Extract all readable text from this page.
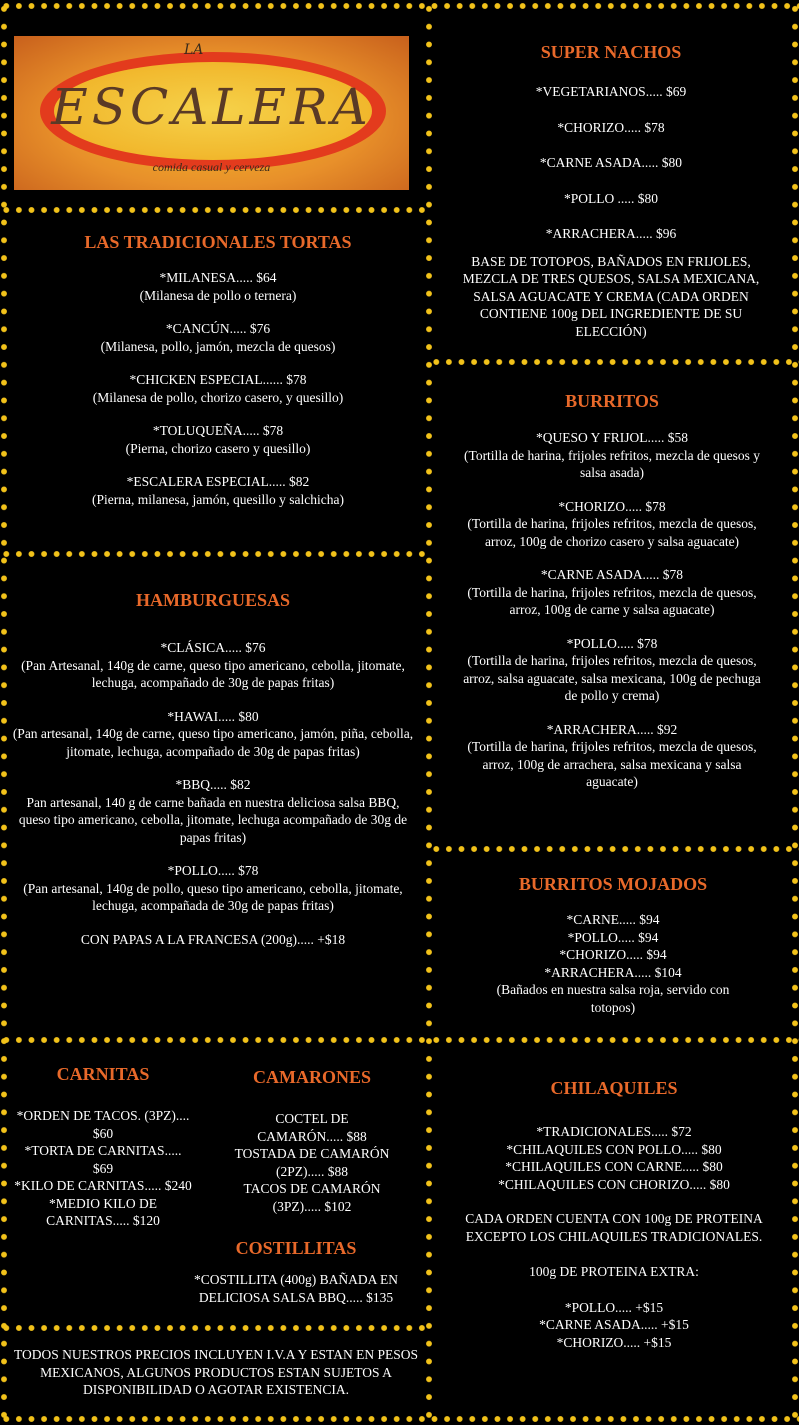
LA
ESCALERA
comida casual y cerveza
LAS TRADICIONALES TORTAS
*MILANESA..... $64
(Milanesa de pollo o ternera)
*CANCÚN..... $76
(Milanesa, pollo, jamón, mezcla de quesos)
*CHICKEN ESPECIAL...... $78
(Milanesa de pollo, chorizo casero, y quesillo)
*TOLUQUEÑA..... $78
(Pierna, chorizo casero y quesillo)
*ESCALERA ESPECIAL..... $82
(Pierna, milanesa, jamón, quesillo y salchicha)
HAMBURGUESAS
*CLÁSICA..... $76
(Pan Artesanal, 140g de carne, queso tipo americano, cebolla, jitomate, lechuga, acompañado de 30g de papas fritas)
*HAWAI..... $80
(Pan artesanal, 140g de carne, queso tipo americano, jamón, piña, cebolla, jitomate, lechuga, acompañado de 30g de papas fritas)
*BBQ..... $82
Pan artesanal, 140 g de carne bañada en nuestra deliciosa salsa BBQ, queso tipo americano, cebolla, jitomate, lechuga acompañado de 30g de papas fritas)
*POLLO..... $78
(Pan artesanal, 140g de pollo, queso tipo americano, cebolla, jitomate, lechuga, acompañada de 30g de papas fritas)
CON PAPAS A LA FRANCESA (200g)..... +$18
CARNITAS
*ORDEN DE TACOS. (3PZ).... $60
*TORTA DE CARNITAS..... $69
*KILO DE CARNITAS..... $240
*MEDIO KILO DE CARNITAS..... $120
CAMARONES
COCTEL DE CAMARÓN..... $88
TOSTADA DE CAMARÓN (2PZ)..... $88
TACOS DE CAMARÓN (3PZ)..... $102
COSTILLITAS
*COSTILLITA (400g) BAÑADA EN DELICIOSA SALSA BBQ..... $135
TODOS NUESTROS PRECIOS INCLUYEN I.V.A Y ESTAN EN PESOS MEXICANOS, ALGUNOS PRODUCTOS ESTAN SUJETOS A DISPONIBILIDAD O AGOTAR EXISTENCIA.
SUPER NACHOS
*VEGETARIANOS..... $69
*CHORIZO..... $78
*CARNE ASADA..... $80
*POLLO ..... $80
*ARRACHERA..... $96
BASE DE TOTOPOS, BAÑADOS EN FRIJOLES, MEZCLA DE TRES QUESOS, SALSA MEXICANA, SALSA AGUACATE Y CREMA (CADA ORDEN CONTIENE 100g DEL INGREDIENTE DE SU ELECCIÓN)
BURRITOS
*QUESO Y FRIJOL..... $58
(Tortilla de harina, frijoles refritos, mezcla de quesos y salsa asada)
*CHORIZO..... $78
(Tortilla de harina, frijoles refritos, mezcla de quesos, arroz, 100g de chorizo casero y salsa aguacate)
*CARNE ASADA..... $78
(Tortilla de harina, frijoles refritos, mezcla de quesos, arroz, 100g de carne y salsa aguacate)
*POLLO..... $78
(Tortilla de harina, frijoles refritos, mezcla de quesos, arroz, salsa aguacate, salsa mexicana, 100g de pechuga de pollo y crema)
*ARRACHERA..... $92
(Tortilla de harina, frijoles refritos, mezcla de quesos, arroz, 100g de arrachera, salsa mexicana y salsa aguacate)
BURRITOS MOJADOS
*CARNE..... $94
*POLLO..... $94
*CHORIZO..... $94
*ARRACHERA..... $104
(Bañados en nuestra salsa roja, servido con totopos)
CHILAQUILES
*TRADICIONALES..... $72
*CHILAQUILES CON POLLO..... $80
*CHILAQUILES CON CARNE..... $80
*CHILAQUILES CON CHORIZO..... $80
CADA ORDEN CUENTA CON 100g DE PROTEINA EXCEPTO LOS CHILAQUILES TRADICIONALES.
100g DE PROTEINA EXTRA:
*POLLO..... +$15
*CARNE ASADA..... +$15
*CHORIZO..... +$15
